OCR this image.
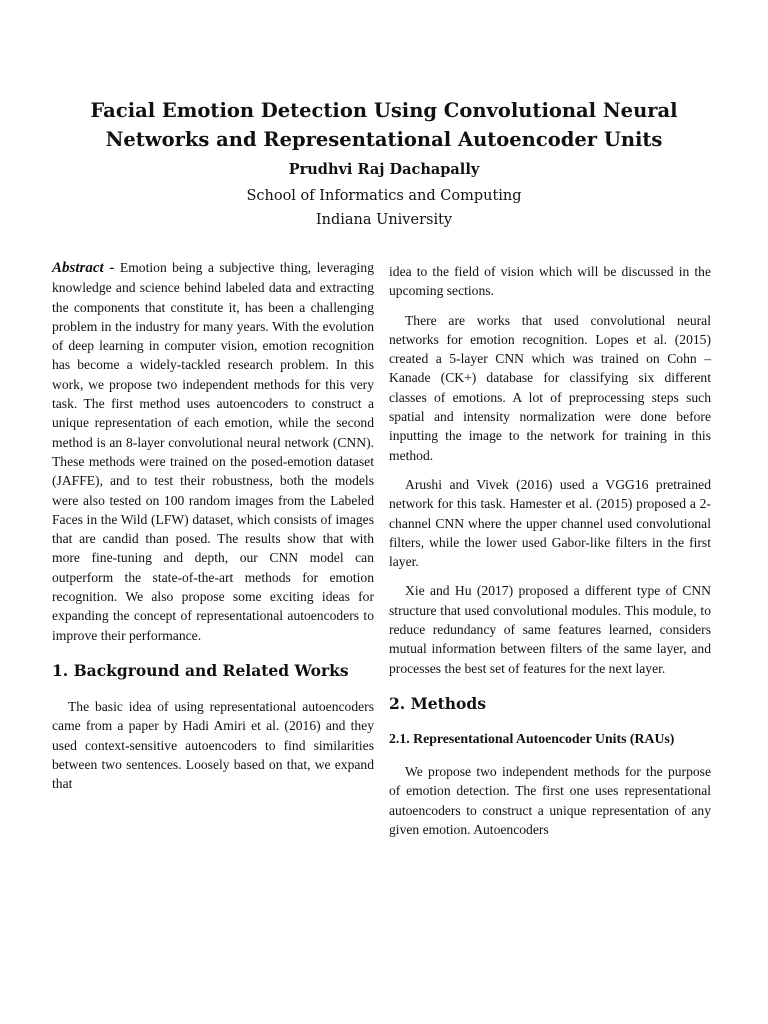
Facial Emotion Detection Using Convolutional Neural
Networks and Representational Autoencoder Units
Prudhvi Raj Dachapally
School of Informatics and Computing
Indiana University

Abstract - Emotion being a subjective thing, leveraging knowledge and science behind labeled data and extracting the components that constitute it, has been a challenging problem in the industry for many years. With the evolution of deep learning in computer vision, emotion recognition has become a widely-tackled research problem. In this work, we propose two independent methods for this very task. The first method uses autoencoders to construct a unique representation of each emotion, while the second method is an 8-layer convolutional neural network (CNN). These methods were trained on the posed-emotion dataset (JAFFE), and to test their robustness, both the models were also tested on 100 random images from the Labeled Faces in the Wild (LFW) dataset, which consists of images that are candid than posed. The results show that with more fine-tuning and depth, our CNN model can outperform the state-of-the-art methods for emotion recognition. We also propose some exciting ideas for expanding the concept of representational autoencoders to improve their performance.

1. Background and Related Works

The basic idea of using representational autoencoders came from a paper by Hadi Amiri et al. (2016) and they used context-sensitive autoencoders to find similarities between two sentences. Loosely based on that, we expand that

idea to the field of vision which will be discussed in the upcoming sections.

There are works that used convolutional neural networks for emotion recognition. Lopes et al. (2015) created a 5-layer CNN which was trained on Cohn – Kanade (CK+) database for classifying six different classes of emotions. A lot of preprocessing steps such spatial and intensity normalization were done before inputting the image to the network for training in this method.

Arushi and Vivek (2016) used a VGG16 pretrained network for this task. Hamester et al. (2015) proposed a 2-channel CNN where the upper channel used convolutional filters, while the lower used Gabor-like filters in the first layer.

Xie and Hu (2017) proposed a different type of CNN structure that used convolutional modules. This module, to reduce redundancy of same features learned, considers mutual information between filters of the same layer, and processes the best set of features for the next layer.

2. Methods
2.1. Representational Autoencoder Units (RAUs)

We propose two independent methods for the purpose of emotion detection. The first one uses representational autoencoders to construct a unique representation of any given emotion. Autoencoders
